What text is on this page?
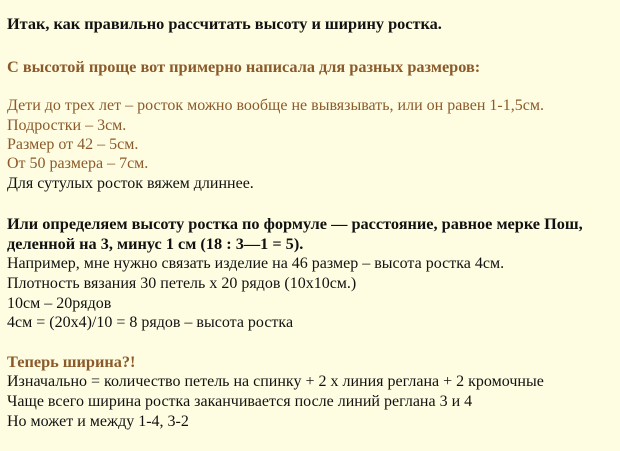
Итак, как правильно рассчитать высоту и ширину ростка.
С высотой проще вот примерно написала для разных размеров:
Дети до трех лет – росток можно вообще не вывязывать, или он равен 1-1,5см.
Подростки – 3см.
Размер от 42 – 5см.
От 50 размера – 7см.
Для сутулых росток вяжем длиннее.
Или определяем высоту ростка по формуле — расстояние, равное мерке Пош,
деленной на 3, минус 1 см (18 : 3—1 = 5).
Например, мне нужно связать изделие на 46 размер – высота ростка 4см.
Плотность вязания 30 петель х 20 рядов (10х10см.)
10см – 20рядов
4см = (20х4)/10 = 8 рядов – высота ростка
Теперь ширина?!
Изначально = количество петель на спинку + 2 х линия реглана + 2 кромочные
Чаще всего ширина ростка заканчивается после линий реглана 3 и 4
Но может и между 1-4, 3-2
